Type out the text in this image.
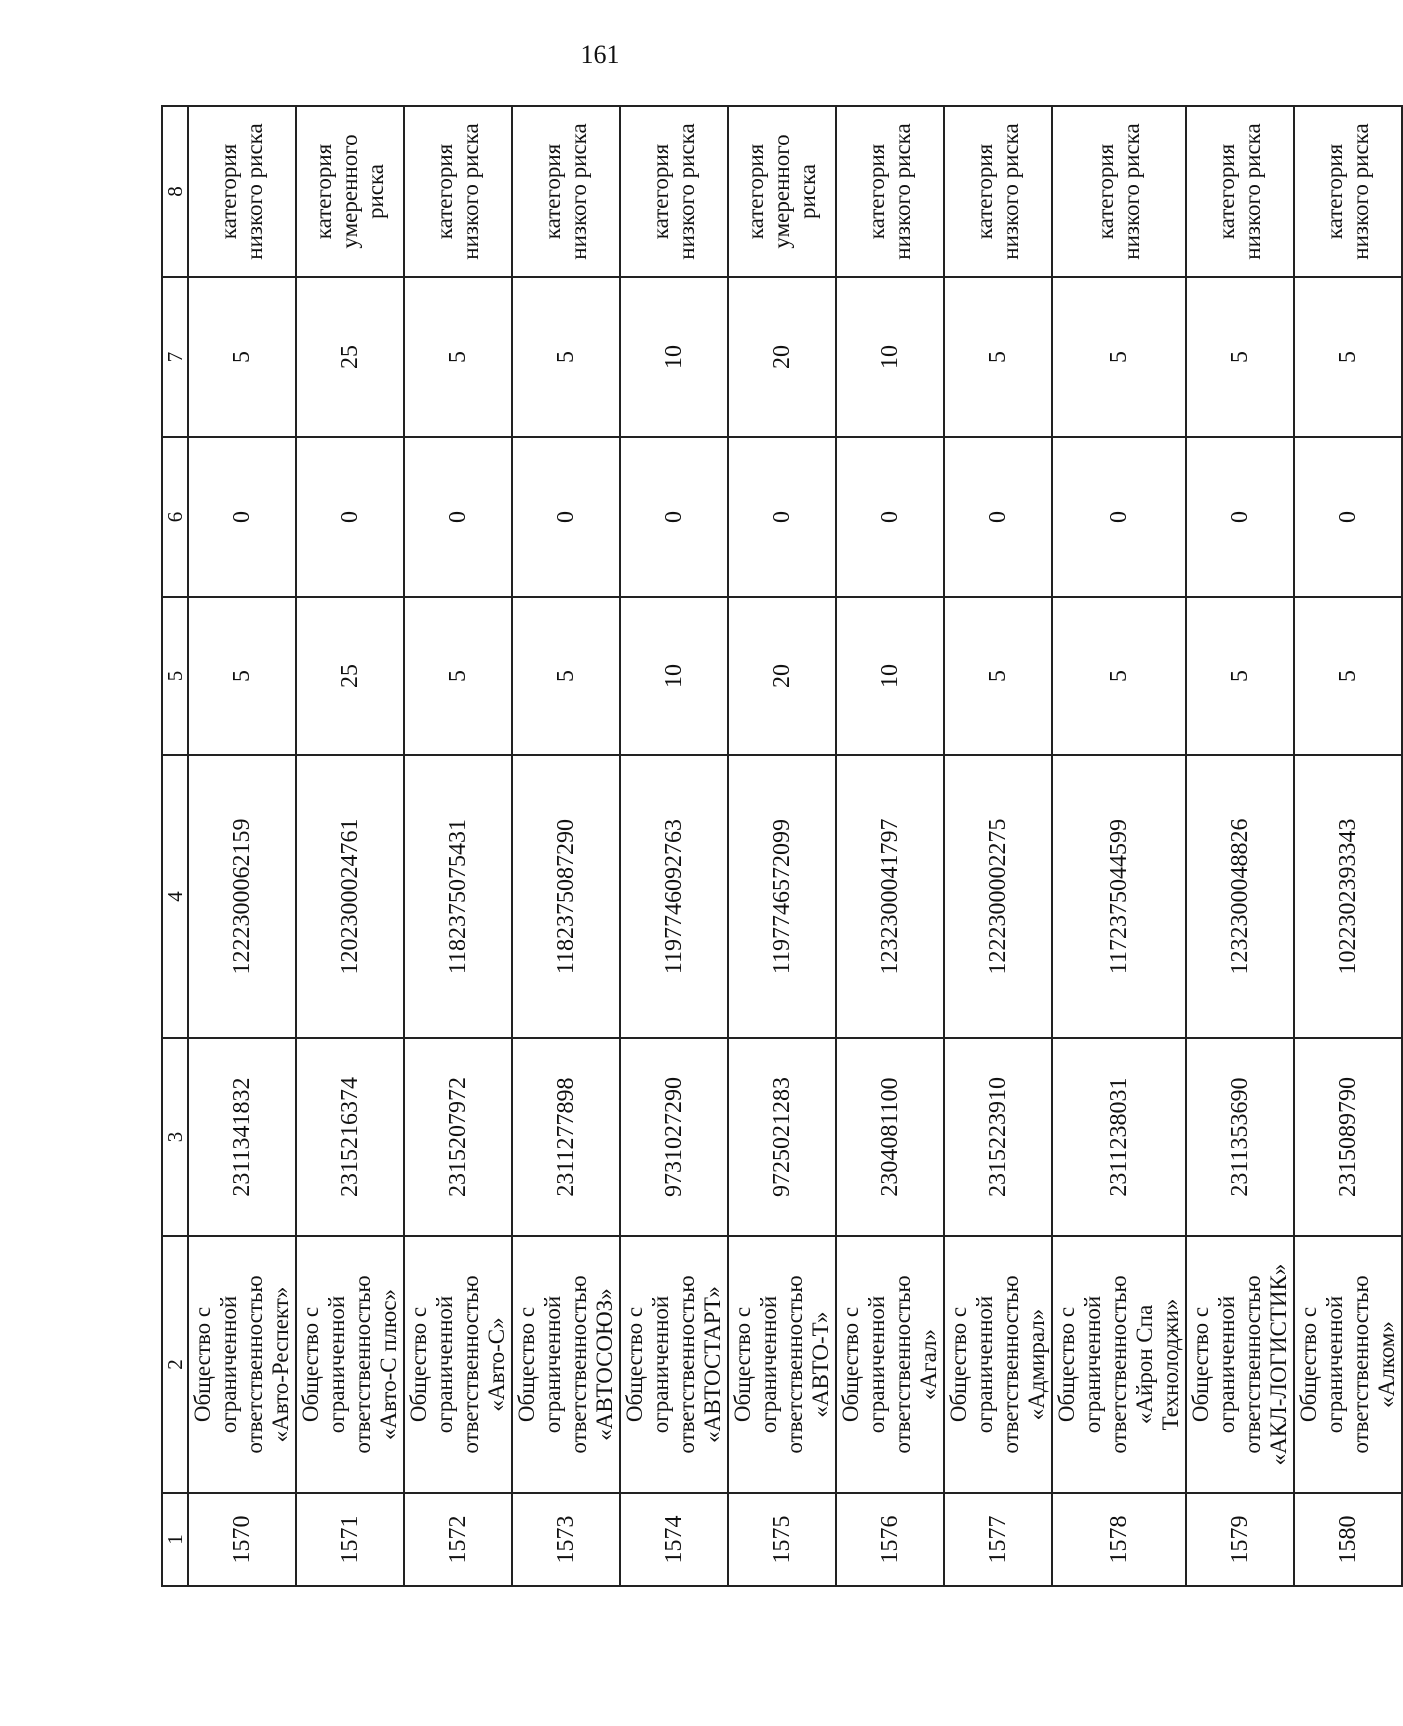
161
1	2	3	4	5	6	7	8
1570	Общество с ограниченной ответственностью «Авто-Респект»	2311341832	1222300062159	5	0	5	категория низкого риска
1571	Общество с ограниченной ответственностью «Авто-С плюс»	2315216374	1202300024761	25	0	25	категория умеренного риска
1572	Общество с ограниченной ответственностью «Авто-С»	2315207972	1182375075431	5	0	5	категория низкого риска
1573	Общество с ограниченной ответственностью «АВТОСОЮЗ»	2311277898	1182375087290	5	0	5	категория низкого риска
1574	Общество с ограниченной ответственностью «АВТОСТАРТ»	9731027290	1197746092763	10	0	10	категория низкого риска
1575	Общество с ограниченной ответственностью «АВТО-Т»	9725021283	1197746572099	20	0	20	категория умеренного риска
1576	Общество с ограниченной ответственностью «Агал»	2304081100	1232300041797	10	0	10	категория низкого риска
1577	Общество с ограниченной ответственностью «Адмирал»	2315223910	1222300002275	5	0	5	категория низкого риска
1578	Общество с ограниченной ответственностью «Айрон Спа Технолоджи»	2311238031	1172375044599	5	0	5	категория низкого риска
1579	Общество с ограниченной ответственностью «АКЛ-ЛОГИСТИК»	2311353690	1232300048826	5	0	5	категория низкого риска
1580	Общество с ограниченной ответственностью «Алком»	2315089790	1022302393343	5	0	5	категория низкого риска
